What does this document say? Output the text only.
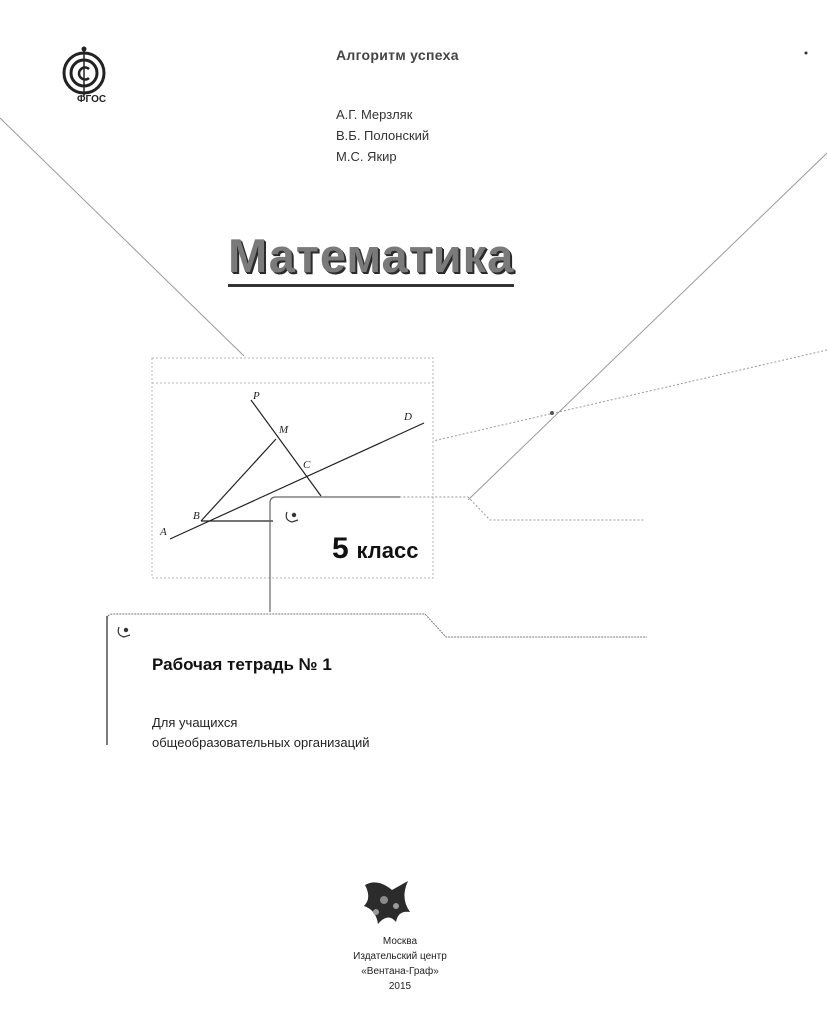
P
M
C
D
B
A
ФГОС
Алгоритм успеха
А.Г. Мерзляк
В.Б. Полонский
М.С. Якир
Математика
5 класс
Рабочая тетрадь № 1
Для учащихся
общеобразовательных организаций
Москва
Издательский центр
«Вентана-Граф»
2015
